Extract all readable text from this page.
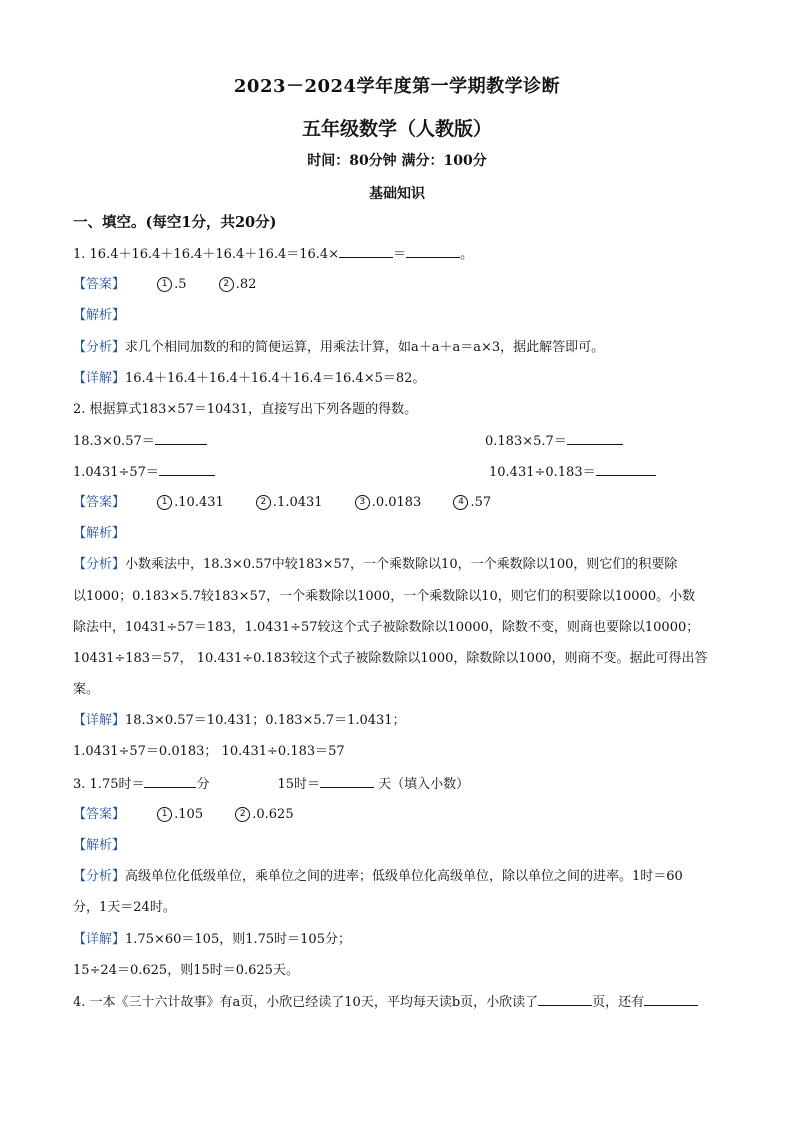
2023－2024学年度第一学期教学诊断
五年级数学（人教版）
时间：80分钟 满分：100分
基础知识
一、填空。(每空1分，共20分)
1. 16.4＋16.4＋16.4＋16.4＋16.4＝16.4×	＝	。
【答案】	1 .5	2 .82
【解析】
【分析】求几个相同加数的和的简便运算，用乘法计算，如a＋a＋a＝a×3，据此解答即可。
【详解】16.4＋16.4＋16.4＋16.4＋16.4＝16.4×5＝82。
2. 根据算式183×57＝10431，直接写出下列各题的得数。
18.3×0.57＝	0.183×5.7＝
1.0431÷57＝	10.431÷0.183＝
【答案】	1 .10.431	2 .1.0431	3 .0.0183	4 .57
【解析】
【分析】小数乘法中，18.3×0.57中较183×57，一个乘数除以10，一个乘数除以100，则它们的积要除
以1000；0.183×5.7较183×57，一个乘数除以1000，一个乘数除以10，则它们的积要除以10000。小数
除法中，10431÷57＝183，1.0431÷57较这个式子被除数除以10000，除数不变，则商也要除以10000；
10431÷183＝57， 10.431÷0.183较这个式子被除数除以1000，除数除以1000，则商不变。据此可得出答
案。
【详解】18.3×0.57＝10.431；0.183×5.7＝1.0431；
1.0431÷57＝0.0183； 10.431÷0.183＝57
3. 1.75时＝	分	15时＝	天（填入小数）
【答案】	1 .105	2 .0.625
【解析】
【分析】高级单位化低级单位，乘单位之间的进率；低级单位化高级单位，除以单位之间的进率。1时＝60
分，1天＝24时。
【详解】1.75×60＝105，则1.75时＝105分；
15÷24＝0.625，则15时＝0.625天。
4. 一本《三十六计故事》有a页，小欣已经读了10天，平均每天读b页，小欣读了	页，还有
